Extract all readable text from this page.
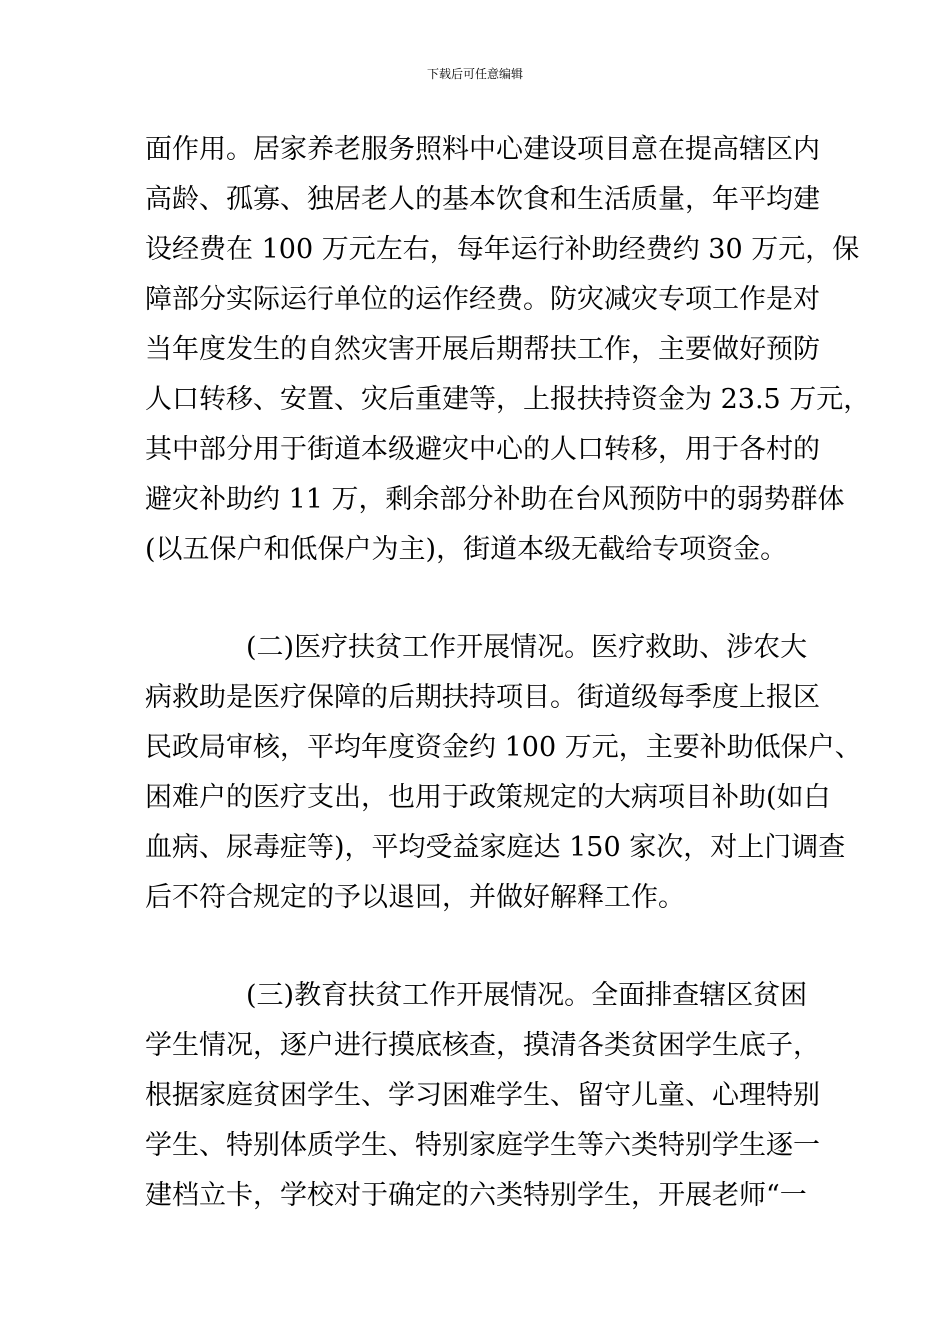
下载后可任意编辑
面作用。居家养老服务照料中心建设项目意在提高辖区内
高龄、孤寡、独居老人的基本饮食和生活质量，年平均建
设经费在 100 万元左右，每年运行补助经费约 30 万元，保
障部分实际运行单位的运作经费。防灾减灾专项工作是对
当年度发生的自然灾害开展后期帮扶工作，主要做好预防
人口转移、安置、灾后重建等，上报扶持资金为 23.5 万元，
其中部分用于街道本级避灾中心的人口转移，用于各村的
避灾补助约 11 万，剩余部分补助在台风预防中的弱势群体
(以五保户和低保户为主)，街道本级无截给专项资金。
(二)医疗扶贫工作开展情况。医疗救助、涉农大
病救助是医疗保障的后期扶持项目。街道级每季度上报区
民政局审核，平均年度资金约 100 万元，主要补助低保户、
困难户的医疗支出，也用于政策规定的大病项目补助(如白
血病、尿毒症等)，平均受益家庭达 150 家次，对上门调查
后不符合规定的予以退回，并做好解释工作。
(三)教育扶贫工作开展情况。全面排查辖区贫困
学生情况，逐户进行摸底核查，摸清各类贫困学生底子，
根据家庭贫困学生、学习困难学生、留守儿童、心理特别
学生、特别体质学生、特别家庭学生等六类特别学生逐一
建档立卡，学校对于确定的六类特别学生，开展老师“一
